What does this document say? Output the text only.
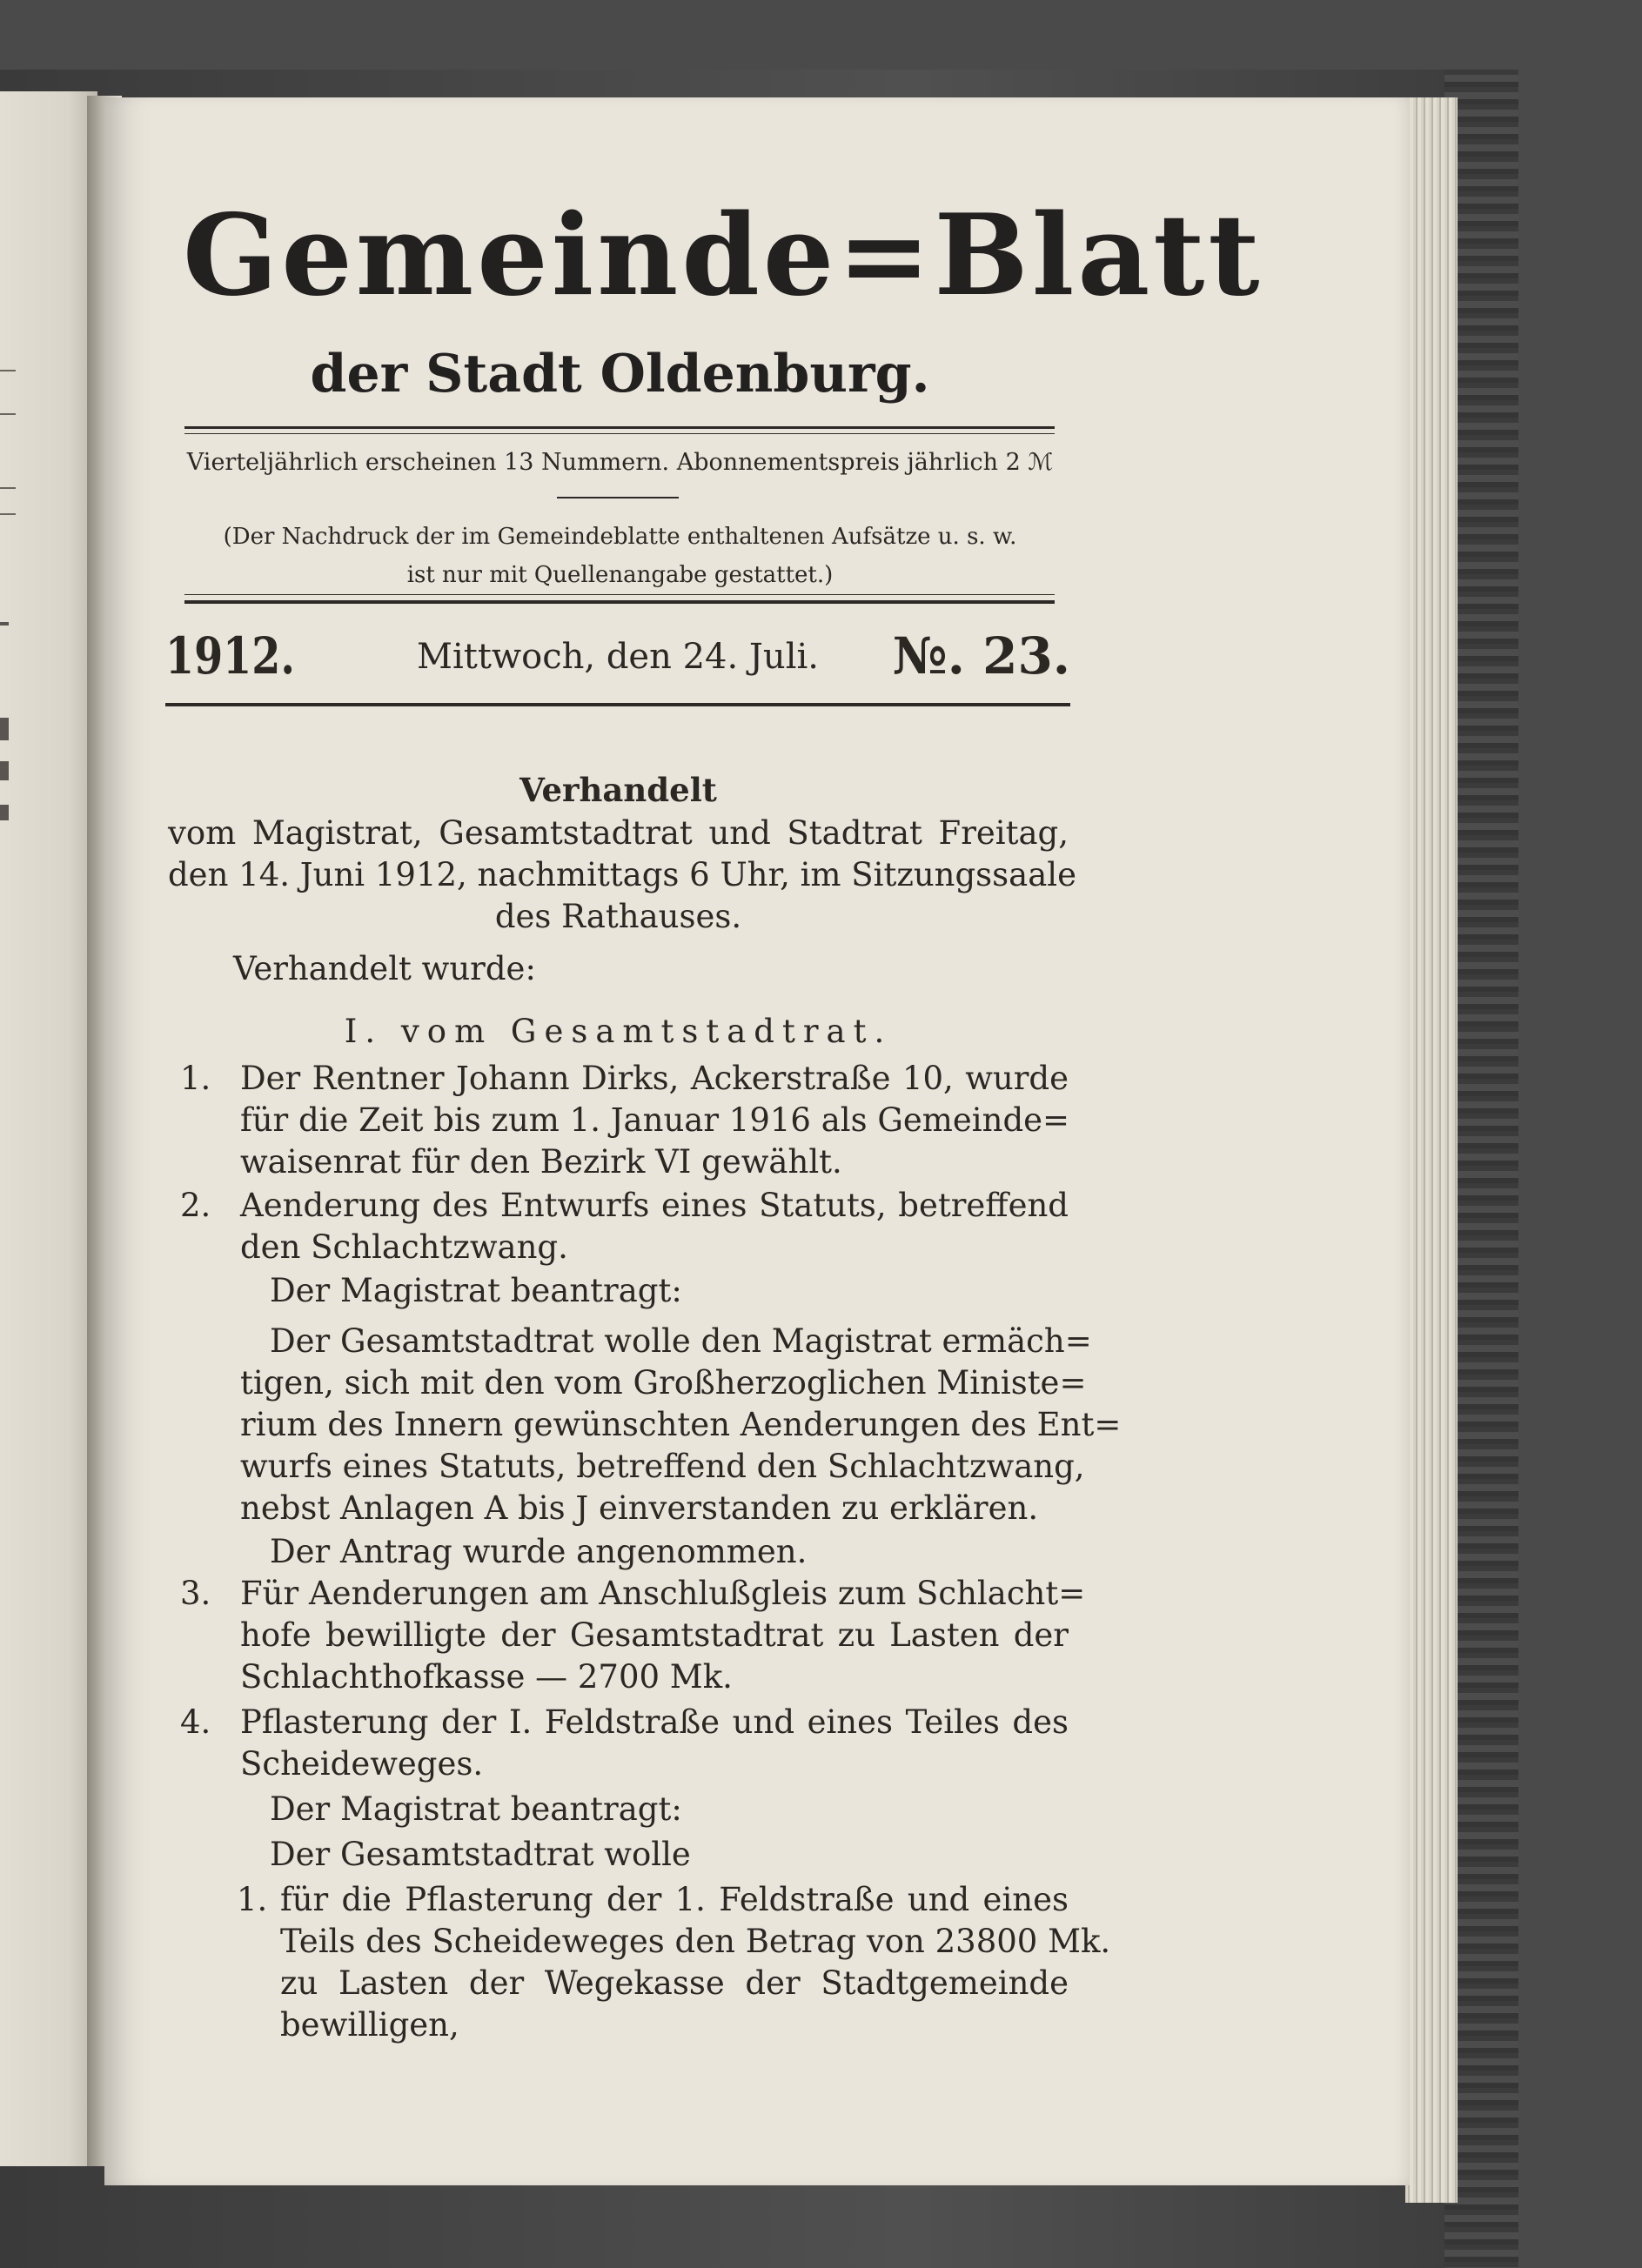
Gemeinde=Blatt
der Stadt Oldenburg.
Vierteljährlich erscheinen 13 Nummern. Abonnementspreis jährlich 2 ℳ
(Der Nachdruck der im Gemeindeblatte enthaltenen Aufsätze u. s. w.
ist nur mit Quellenangabe gestattet.)
1912.	Mittwoch, den 24. Juli.	№. 23.
Verhandelt
vom Magistrat, Gesamtstadtrat und Stadtrat Freitag,
den 14. Juni 1912, nachmittags 6 Uhr, im Sitzungssaale
des Rathauses.
Verhandelt wurde:
I. vom Gesamtstadtrat.
1. Der Rentner Johann Dirks, Ackerstraße 10, wurde
für die Zeit bis zum 1. Januar 1916 als Gemeinde=
waisenrat für den Bezirk VI gewählt.
2. Aenderung des Entwurfs eines Statuts, betreffend
den Schlachtzwang.
Der Magistrat beantragt:
Der Gesamtstadtrat wolle den Magistrat ermäch=
tigen, sich mit den vom Großherzoglichen Ministe=
rium des Innern gewünschten Aenderungen des Ent=
wurfs eines Statuts, betreffend den Schlachtzwang,
nebst Anlagen A bis J einverstanden zu erklären.
Der Antrag wurde angenommen.
3. Für Aenderungen am Anschlußgleis zum Schlacht=
hofe bewilligte der Gesamtstadtrat zu Lasten der
Schlachthofkasse — 2700 Mk.
4. Pflasterung der I. Feldstraße und eines Teiles des
Scheideweges.
Der Magistrat beantragt:
Der Gesamtstadtrat wolle
1. für die Pflasterung der 1. Feldstraße und eines
Teils des Scheideweges den Betrag von 23800 Mk.
zu Lasten der Wegekasse der Stadtgemeinde
bewilligen,
